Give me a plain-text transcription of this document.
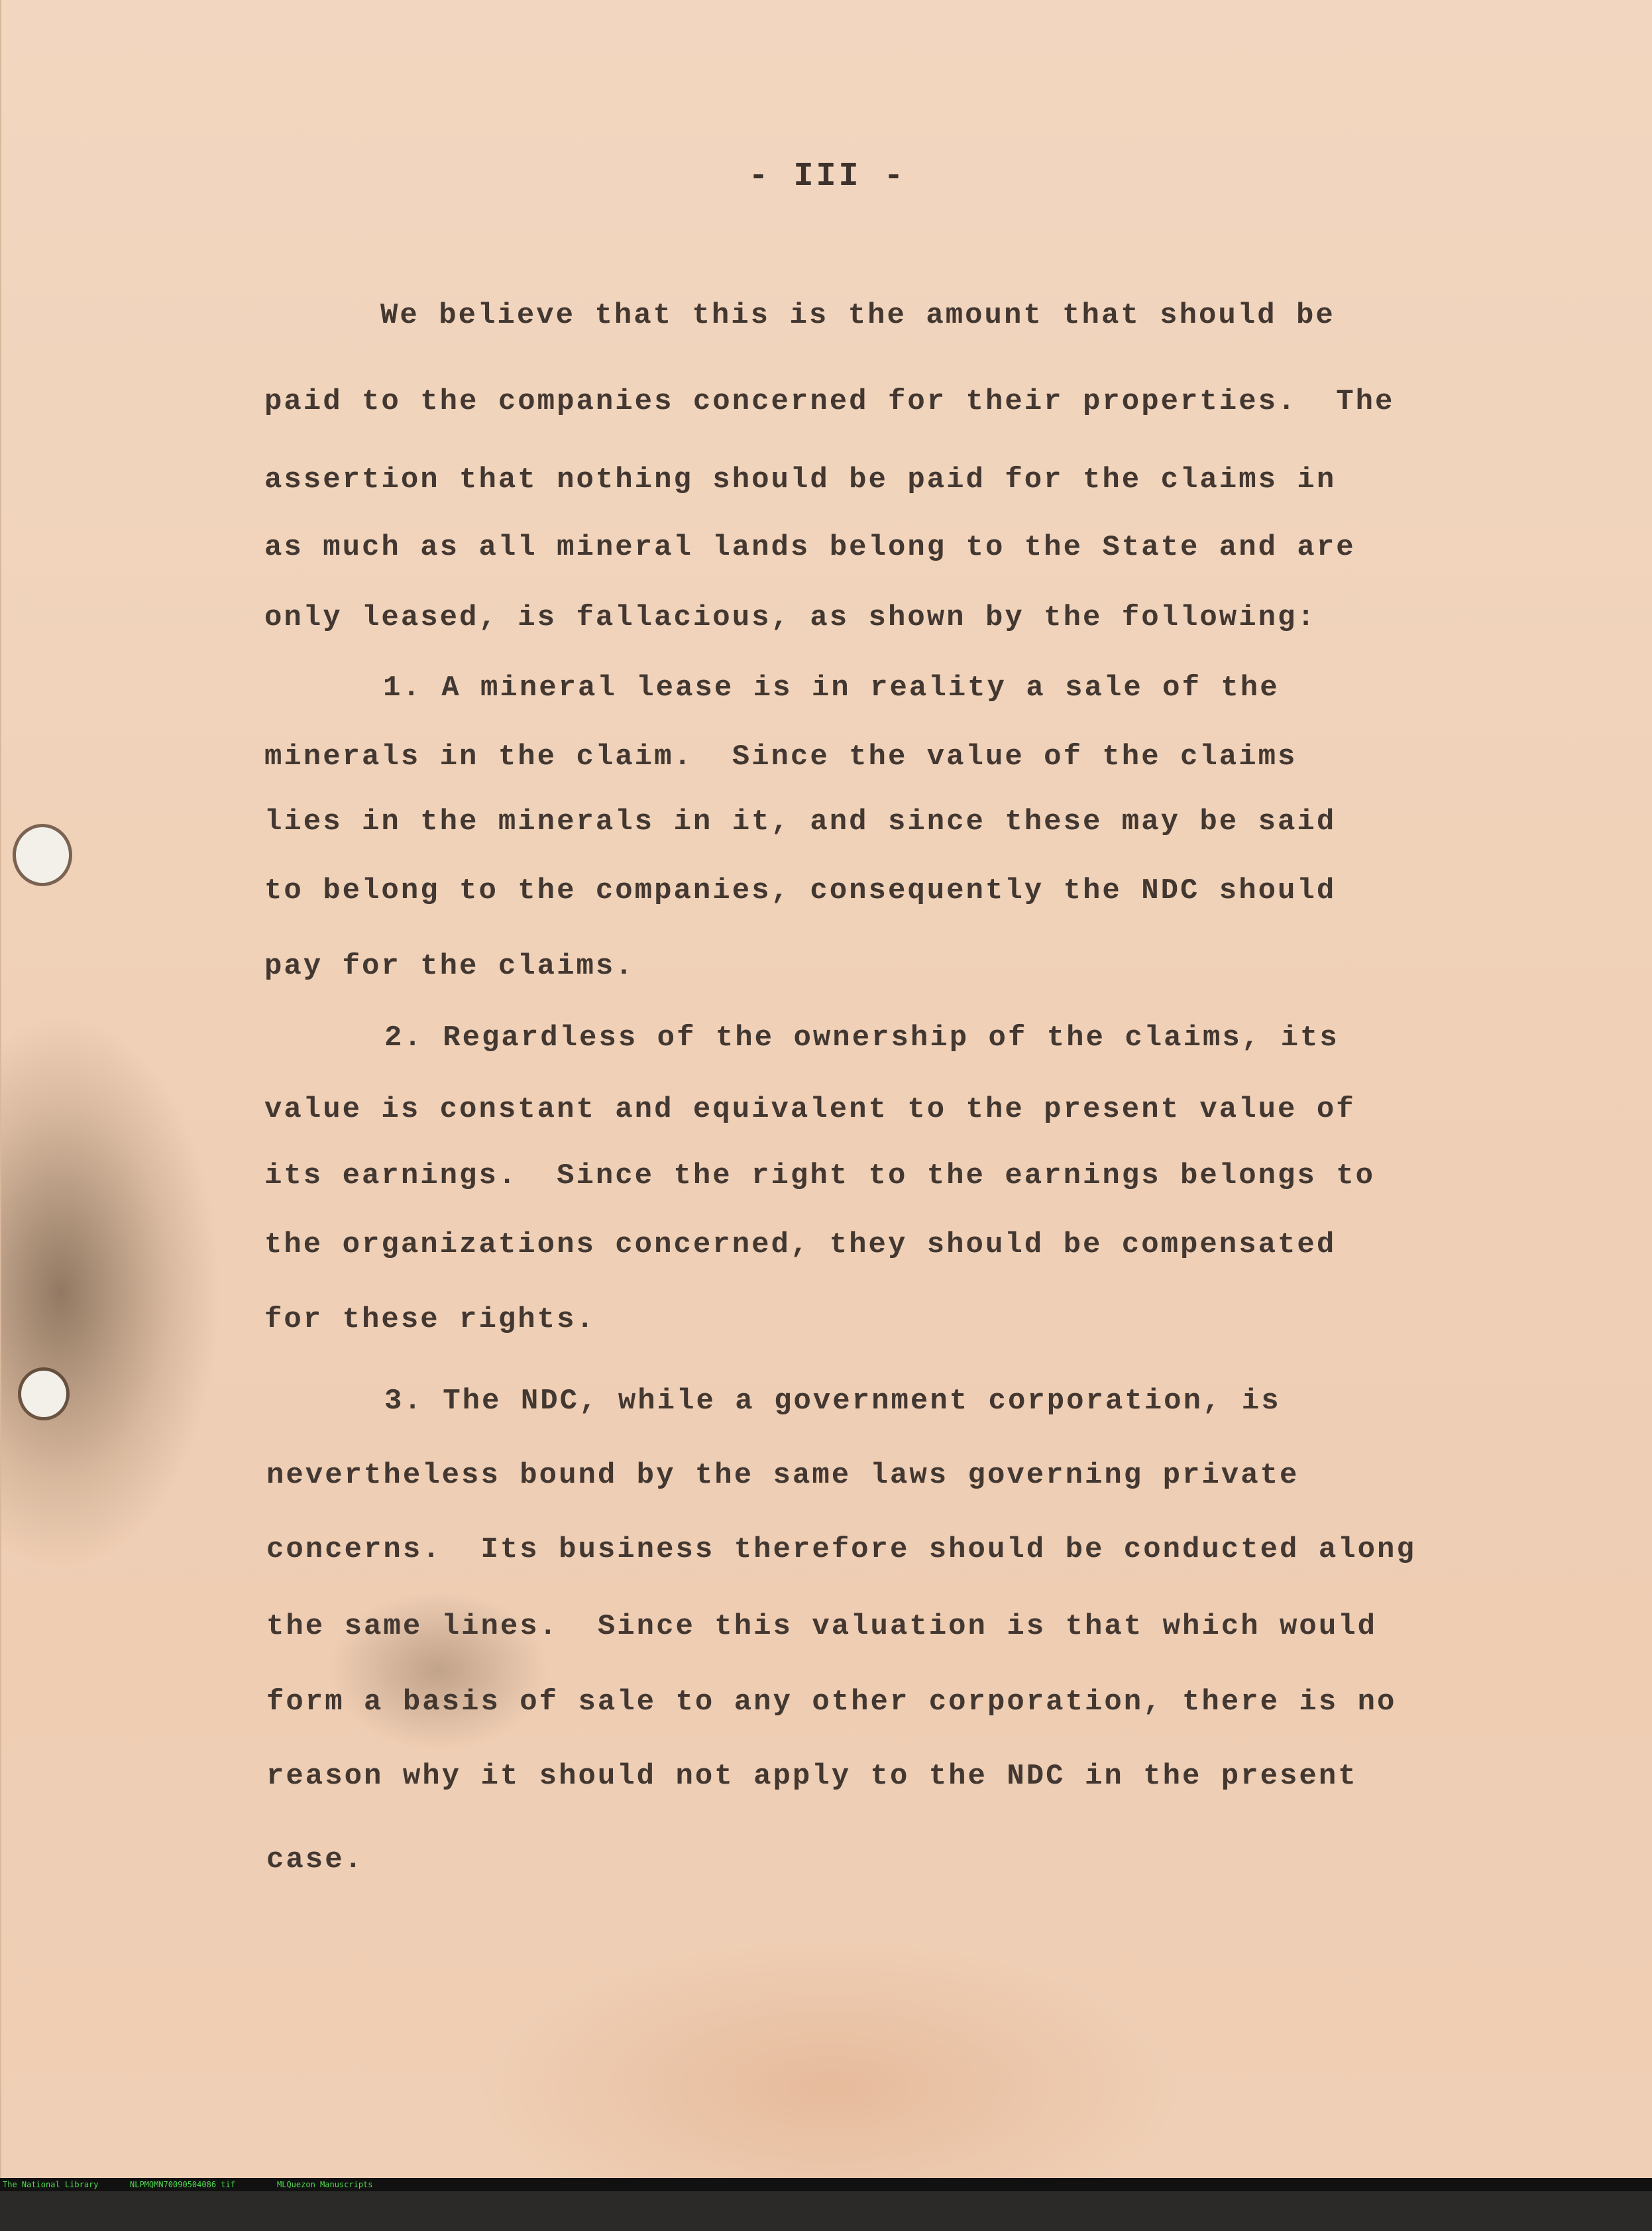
- III -
We believe that this is the amount that should be
paid to the companies concerned for their properties.  The
assertion that nothing should be paid for the claims in
as much as all mineral lands belong to the State and are
only leased, is fallacious, as shown by the following:
1. A mineral lease is in reality a sale of the
minerals in the claim.  Since the value of the claims
lies in the minerals in it, and since these may be said
to belong to the companies, consequently the NDC should
pay for the claims.
2. Regardless of the ownership of the claims, its
value is constant and equivalent to the present value of
its earnings.  Since the right to the earnings belongs to
the organizations concerned, they should be compensated
for these rights.
3. The NDC, while a government corporation, is
nevertheless bound by the same laws governing private
concerns.  Its business therefore should be conducted along
the same lines.  Since this valuation is that which would
form a basis of sale to any other corporation, there is no
reason why it should not apply to the NDC in the present
case.

The National Library

	NLPMQMN70090504086 tif

	MLQuezon Manuscripts
